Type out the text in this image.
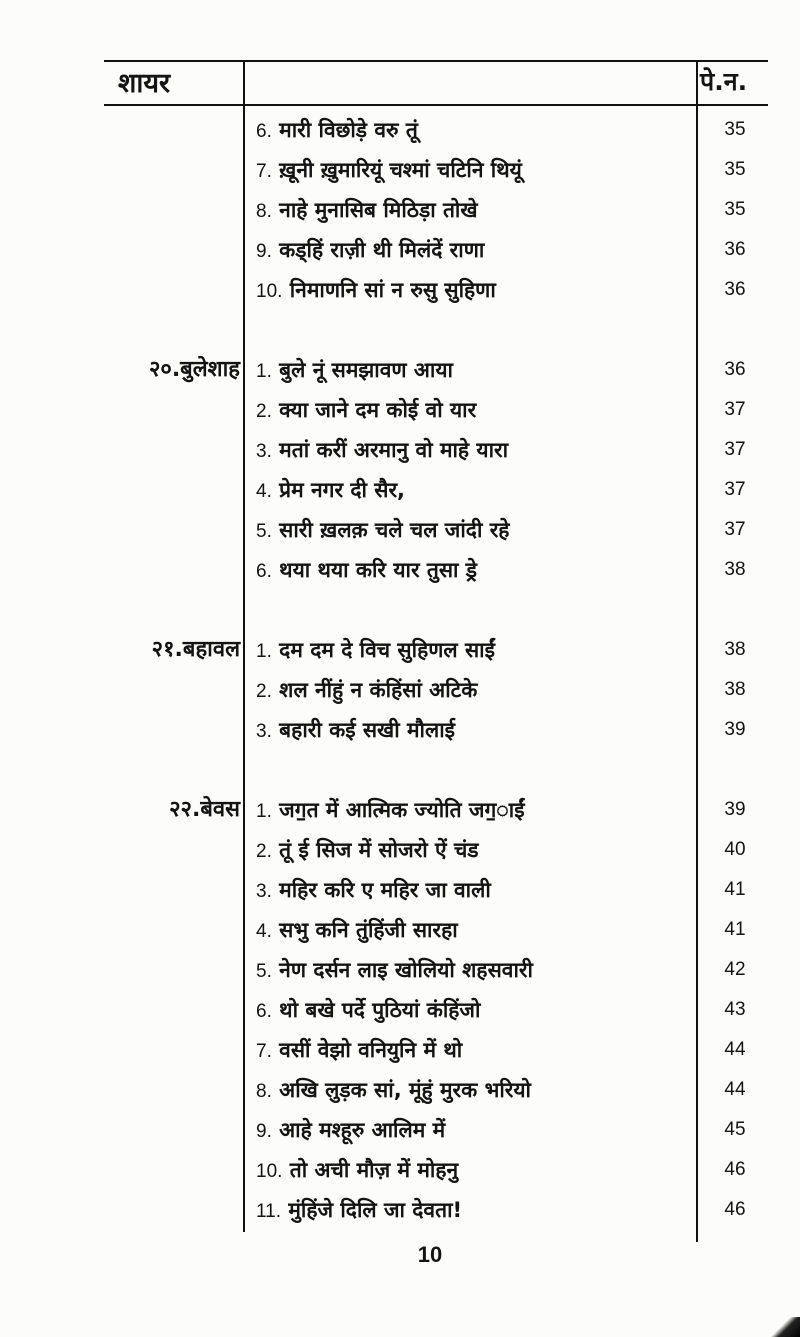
शायर	पे.न.
6. मारी विछोड़े वरु तूं	35
7. ख़ूनी ख़ुमारियूं चश्मां चटिनि थियूं	35
8. नाहे मुनासिब मिठिड़ा तोखे	35
9. कड्हिं राज़ी थी मिलंदें राणा	36
10. निमाणनि सां न रुसु सुहिणा	36
२०.बुलेशाह 1. बुले नूं समझावण आया	36
2. क्या जाने दम कोई वो यार	37
3. मतां करीं अरमानु वो माहे यारा	37
4. प्रेम नगर दी सैर,	37
5. सारी ख़लक़ चले चल जांदी रहे	37
6. थया थया करि यार तुसा ड्रे	38
२१.बहावल 1. दम दम दे विच सुहिणल साईं	38
2. शल नींहुं न कंहिंसां अटिके	38
3. बहारी कई सखी मौलाई	39
२२.बेवस 1. जग॒त में आत्मिक ज्योति जग॒ाईं	39
2. तूं ई सिज में सोजरो ऐं चंड	40
3. महिर करि ए महिर जा वाली	41
4. सभु कनि तुंहिंजी सारहा	41
5. नेण दर्सन लाइ खोलियो शहसवारी	42
6. थो बखे पर्दे पुठियां कंहिंजो	43
7. वसीं वेझो वनियुनि में थो	44
8. अखि लुड़क सां, मूंहुं मुरक भरियो	44
9. आहे मश्हूरु आलिम में	45
10. तो अची मौज़ में मोहनु	46
11. मुंहिंजे दिलि जा देवता!	46
10
